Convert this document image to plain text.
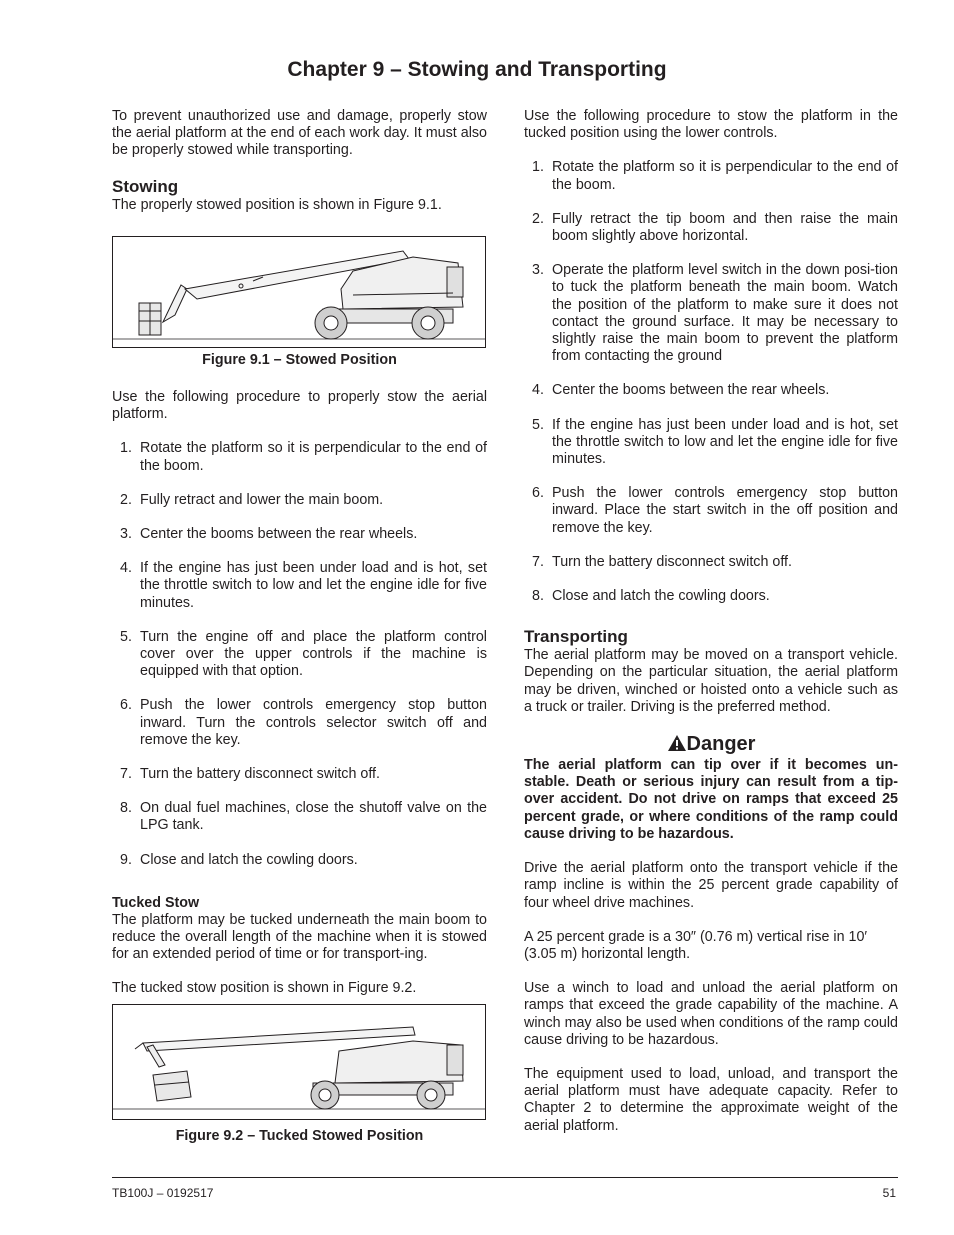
Chapter 9 – Stowing and Transporting

To prevent unauthorized use and damage, properly stow the aerial platform at the end of each work day. It must also be properly stowed while transporting.

Stowing

The properly stowed position is shown in Figure 9.1.

Figure 9.1 – Stowed Position

Use the following procedure to properly stow the aerial platform.

1. Rotate the platform so it is perpendicular to the end of the boom.
2. Fully retract and lower the main boom.
3. Center the booms between the rear wheels.
4. If the engine has just been under load and is hot, set the throttle switch to low and let the engine idle for five minutes.
5. Turn the engine off and place the platform control cover over the upper controls if the machine is equipped with that option.
6. Push the lower controls emergency stop button inward. Turn the controls selector switch off and remove the key.
7. Turn the battery disconnect switch off.
8. On dual fuel machines, close the shutoff valve on the LPG tank.
9. Close and latch the cowling doors.
Tucked Stow

The platform may be tucked underneath the main boom to reduce the overall length of the machine when it is stowed for an extended period of time or for transport-ing.

The tucked stow position is shown in Figure 9.2.

Figure 9.2 – Tucked Stowed Position

Use the following procedure to stow the platform in the tucked position using the lower controls.

1. Rotate the platform so it is perpendicular to the end of the boom.
2. Fully retract the tip boom and then raise the main boom slightly above horizontal.
3. Operate the platform level switch in the down posi-tion to tuck the platform beneath the main boom. Watch the position of the platform to make sure it does not contact the ground surface. It may be necessary to slightly raise the main boom to prevent the platform from contacting the ground
4. Center the booms between the rear wheels.
5. If the engine has just been under load and is hot, set the throttle switch to low and let the engine idle for five minutes.
6. Push the lower controls emergency stop button inward. Place the start switch in the off position and remove the key.
7. Turn the battery disconnect switch off.
8. Close and latch the cowling doors.
Transporting

The aerial platform may be moved on a transport vehicle. Depending on the particular situation, the aerial platform may be driven, winched or hoisted onto a vehicle such as a truck or trailer. Driving is the preferred method.

Danger

The aerial platform can tip over if it becomes un-stable. Death or serious injury can result from a tip-over accident. Do not drive on ramps that exceed 25 percent grade, or where conditions of the ramp could cause driving to be hazardous.

Drive the aerial platform onto the transport vehicle if the ramp incline is within the 25 percent grade capability of four wheel drive machines.

A 25 percent grade is a 30″ (0.76 m) vertical rise in 10′ (3.05 m) horizontal length.

Use a winch to load and unload the aerial platform on ramps that exceed the grade capability of the machine. A winch may also be used when conditions of the ramp could cause driving to be hazardous.

The equipment used to load, unload, and transport the aerial platform must have adequate capacity. Refer to Chapter 2 to determine the approximate weight of the aerial platform.

TB100J – 0192517	51
